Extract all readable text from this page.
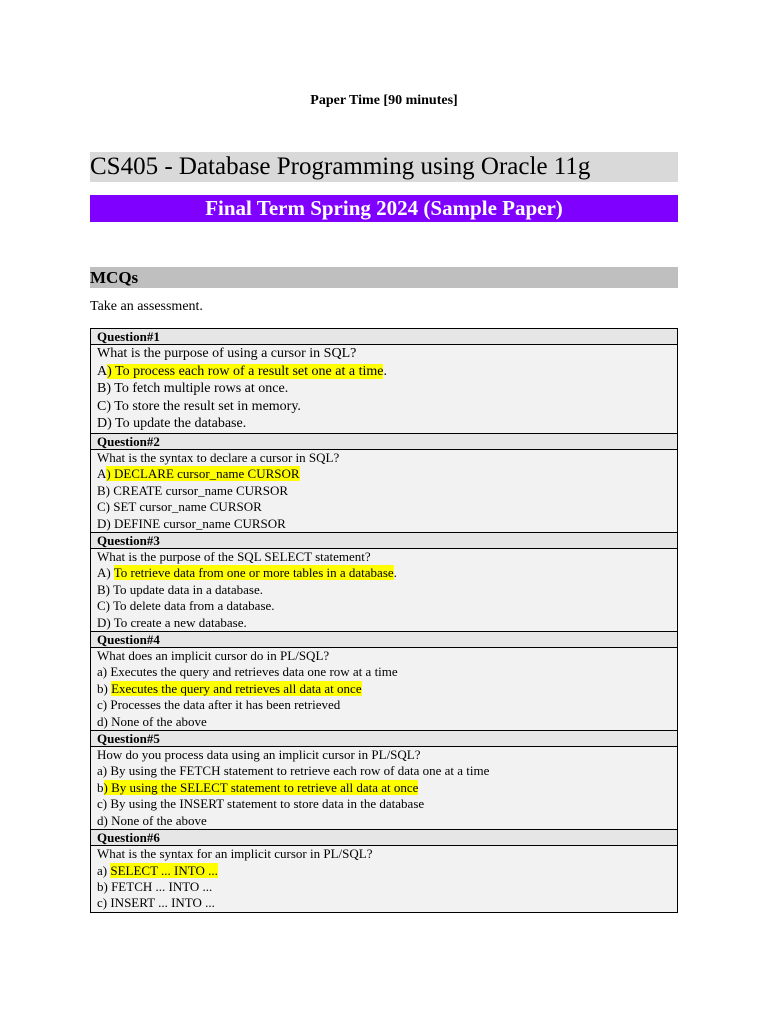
Paper Time [90 minutes]
CS405 - Database Programming using Oracle 11g
Final Term Spring 2024 (Sample Paper)
MCQs
Take an assessment.
Question#1
What is the purpose of using a cursor in SQL?
A) To process each row of a result set one at a time.
B) To fetch multiple rows at once.
C) To store the result set in memory.
D) To update the database.
Question#2
What is the syntax to declare a cursor in SQL?
A) DECLARE cursor_name CURSOR
B) CREATE cursor_name CURSOR
C) SET cursor_name CURSOR
D) DEFINE cursor_name CURSOR
Question#3
What is the purpose of the SQL SELECT statement?
A) To retrieve data from one or more tables in a database.
B) To update data in a database.
C) To delete data from a database.
D) To create a new database.
Question#4
What does an implicit cursor do in PL/SQL?
a) Executes the query and retrieves data one row at a time
b) Executes the query and retrieves all data at once
c) Processes the data after it has been retrieved
d) None of the above
Question#5
How do you process data using an implicit cursor in PL/SQL?
a) By using the FETCH statement to retrieve each row of data one at a time
b) By using the SELECT statement to retrieve all data at once
c) By using the INSERT statement to store data in the database
d) None of the above
Question#6
What is the syntax for an implicit cursor in PL/SQL?
a) SELECT ... INTO ...
b) FETCH ... INTO ...
c) INSERT ... INTO ...
